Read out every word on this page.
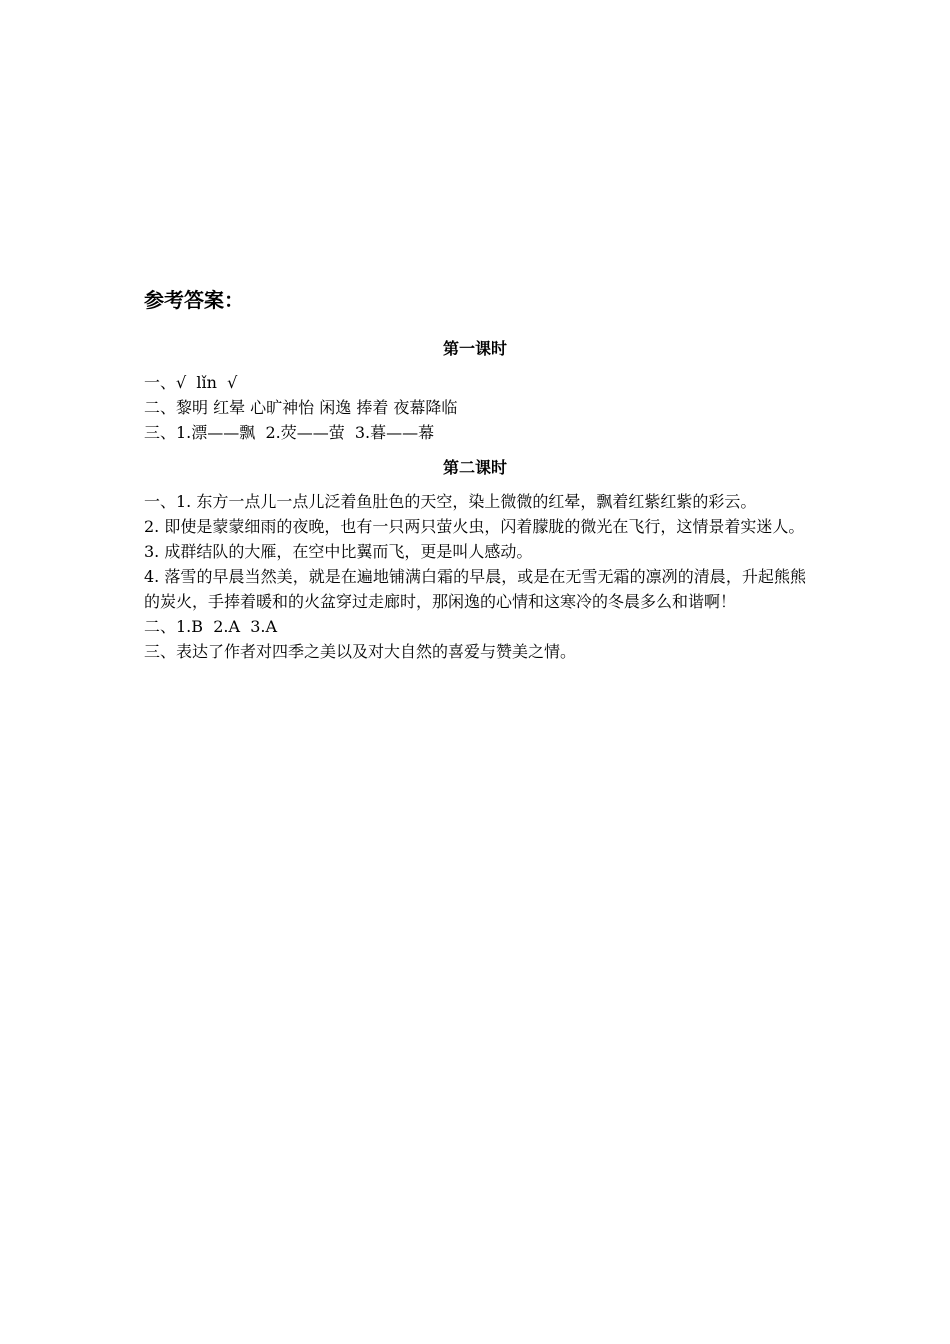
参考答案：
第一课时

一、√  lǐn  √

二、黎明 红晕 心旷神怡 闲逸 捧着 夜幕降临

三、1.漂——飘  2.荧——萤  3.暮——幕

第二课时

一、1. 东方一点儿一点儿泛着鱼肚色的天空，染上微微的红晕，飘着红紫红紫的彩云。

2. 即使是蒙蒙细雨的夜晚，也有一只两只萤火虫，闪着朦胧的微光在飞行，这情景着实迷人。

3. 成群结队的大雁，在空中比翼而飞，更是叫人感动。

4. 落雪的早晨当然美，就是在遍地铺满白霜的早晨，或是在无雪无霜的凛冽的清晨，升起熊熊的炭火，手捧着暖和的火盆穿过走廊时，那闲逸的心情和这寒冷的冬晨多么和谐啊！

二、1.B  2.A  3.A

三、表达了作者对四季之美以及对大自然的喜爱与赞美之情。
